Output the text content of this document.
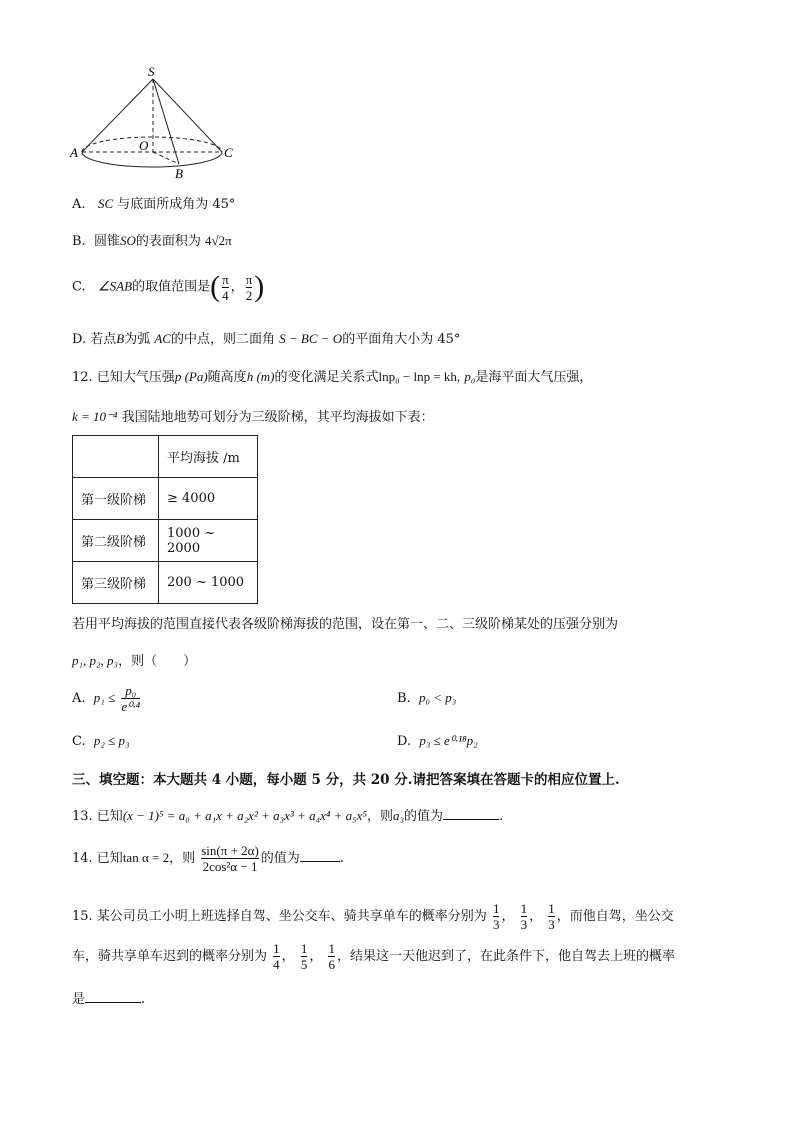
S
O
A
B
C
A. SC 与底面所成角为 45°
B. 圆锥SO的表面积为 4√2π
C. ∠SAB的取值范围是( $\frac{\pi}{4}$ ， $\frac{\pi}{2}$ )
D. 若点B为弧 AC的中点，则二面角 S − BC − O的平面角大小为 45°
12. 已知大气压强p (Pa)随高度h (m)的变化满足关系式lnp₀ − lnp = kh, p₀是海平面大气压强，
k = 10⁻⁴ 我国陆地地势可划分为三级阶梯，其平均海拔如下表：
	平均海拔 /m
第一级阶梯	≥ 4000
第二级阶梯	1000 ~ 2000
第三级阶梯	200 ~ 1000
若用平均海拔的范围直接代表各级阶梯海拔的范围，设在第一、二、三级阶梯某处的压强分别为
p₁, p₂, p₃，则（　　）
A. $p_1 \le \frac{\text{p₀}}{\text{e⁰·⁴}}$	B. p₀ < p₃
C. p₂ ≤ p₃	D. p₃ ≤ e⁰·¹⁸p₂
三、填空题：本大题共 4 小题，每小题 5 分，共 20 分.请把答案填在答题卡的相应位置上.
13. 已知(x − 1)⁵ = a₀ + a₁x + a₂x² + a₃x³ + a₄x⁴ + a₅x⁵，则a₃的值为	.
14. 已知tan α = 2，则 $\frac{\sin(\pi + 2\alpha)}{\text{2cos²α − 1}}$ 的值为	.
15. 某公司员工小明上班选择自驾、坐公交车、骑共享单车的概率分别为 $\frac{1}{3}$ ， $\frac{1}{3}$ ， $\frac{1}{3}$ ，而他自驾，坐公交
车，骑共享单车迟到的概率分别为 $\frac{1}{4}$ ， $\frac{1}{5}$ ， $\frac{1}{6}$ ，结果这一天他迟到了，在此条件下，他自驾去上班的概率
是	.
